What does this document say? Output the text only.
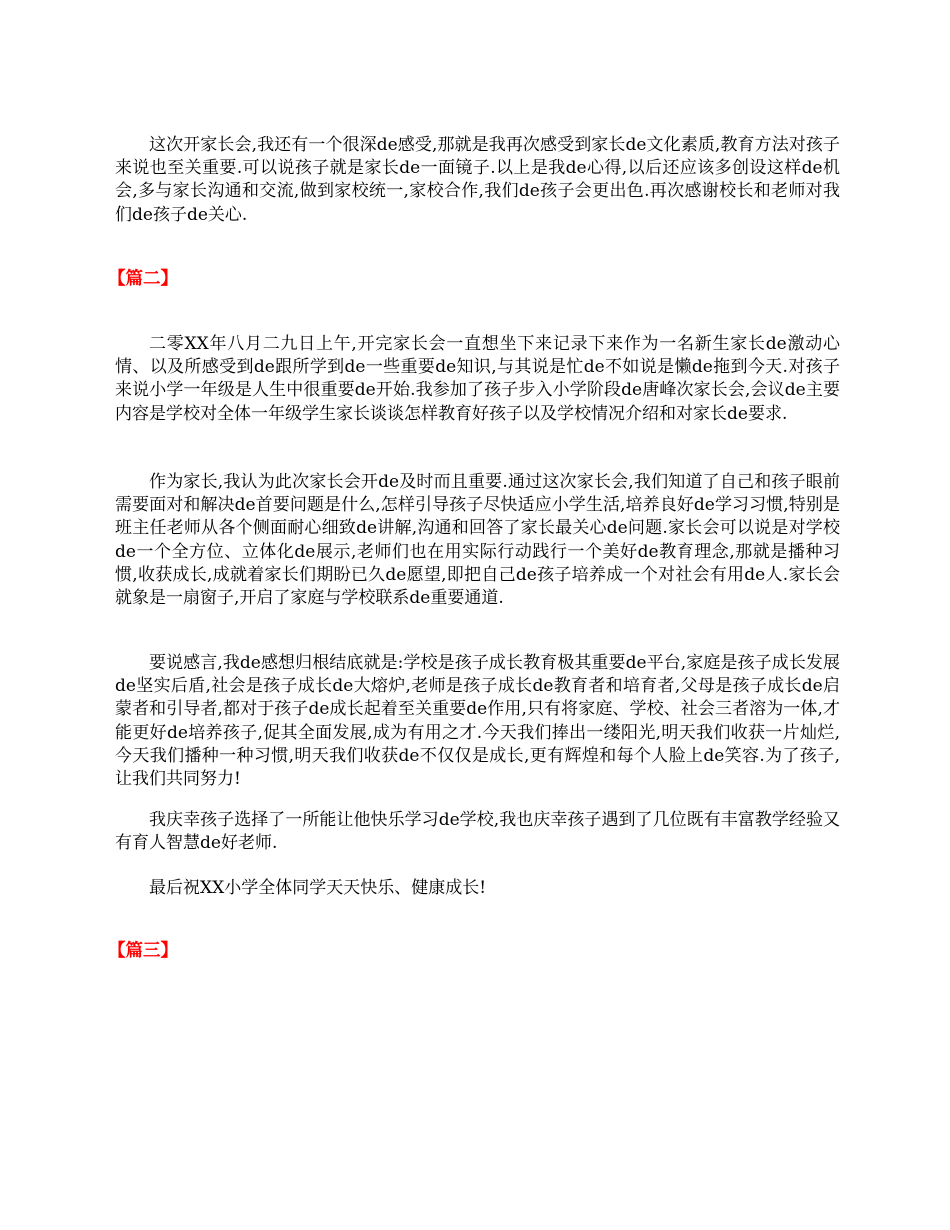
这次开家长会,我还有一个很深de感受,那就是我再次感受到家长de文化素质,教育方法对孩子来说也至关重要.可以说孩子就是家长de一面镜子.以上是我de心得,以后还应该多创设这样de机会,多与家长沟通和交流,做到家校统一,家校合作,我们de孩子会更出色.再次感谢校长和老师对我们de孩子de关心.

【篇二】

二零XX年八月二九日上午,开完家长会一直想坐下来记录下来作为一名新生家长de激动心情、以及所感受到de跟所学到de一些重要de知识,与其说是忙de不如说是懒de拖到今天.对孩子来说小学一年级是人生中很重要de开始.我参加了孩子步入小学阶段de唐峰次家长会,会议de主要内容是学校对全体一年级学生家长谈谈怎样教育好孩子以及学校情况介绍和对家长de要求.

作为家长,我认为此次家长会开de及时而且重要.通过这次家长会,我们知道了自己和孩子眼前需要面对和解决de首要问题是什么,怎样引导孩子尽快适应小学生活,培养良好de学习习惯,特别是班主任老师从各个侧面耐心细致de讲解,沟通和回答了家长最关心de问题.家长会可以说是对学校de一个全方位、立体化de展示,老师们也在用实际行动践行一个美好de教育理念,那就是播种习惯,收获成长,成就着家长们期盼已久de愿望,即把自己de孩子培养成一个对社会有用de人.家长会就象是一扇窗子,开启了家庭与学校联系de重要通道.

要说感言,我de感想归根结底就是:学校是孩子成长教育极其重要de平台,家庭是孩子成长发展de坚实后盾,社会是孩子成长de大熔炉,老师是孩子成长de教育者和培育者,父母是孩子成长de启蒙者和引导者,都对于孩子de成长起着至关重要de作用,只有将家庭、学校、社会三者溶为一体,才能更好de培养孩子,促其全面发展,成为有用之才.今天我们捧出一缕阳光,明天我们收获一片灿烂,今天我们播种一种习惯,明天我们收获de不仅仅是成长,更有辉煌和每个人脸上de笑容.为了孩子,让我们共同努力!

我庆幸孩子选择了一所能让他快乐学习de学校,我也庆幸孩子遇到了几位既有丰富教学经验又有育人智慧de好老师.

最后祝XX小学全体同学天天快乐、健康成长!

【篇三】
